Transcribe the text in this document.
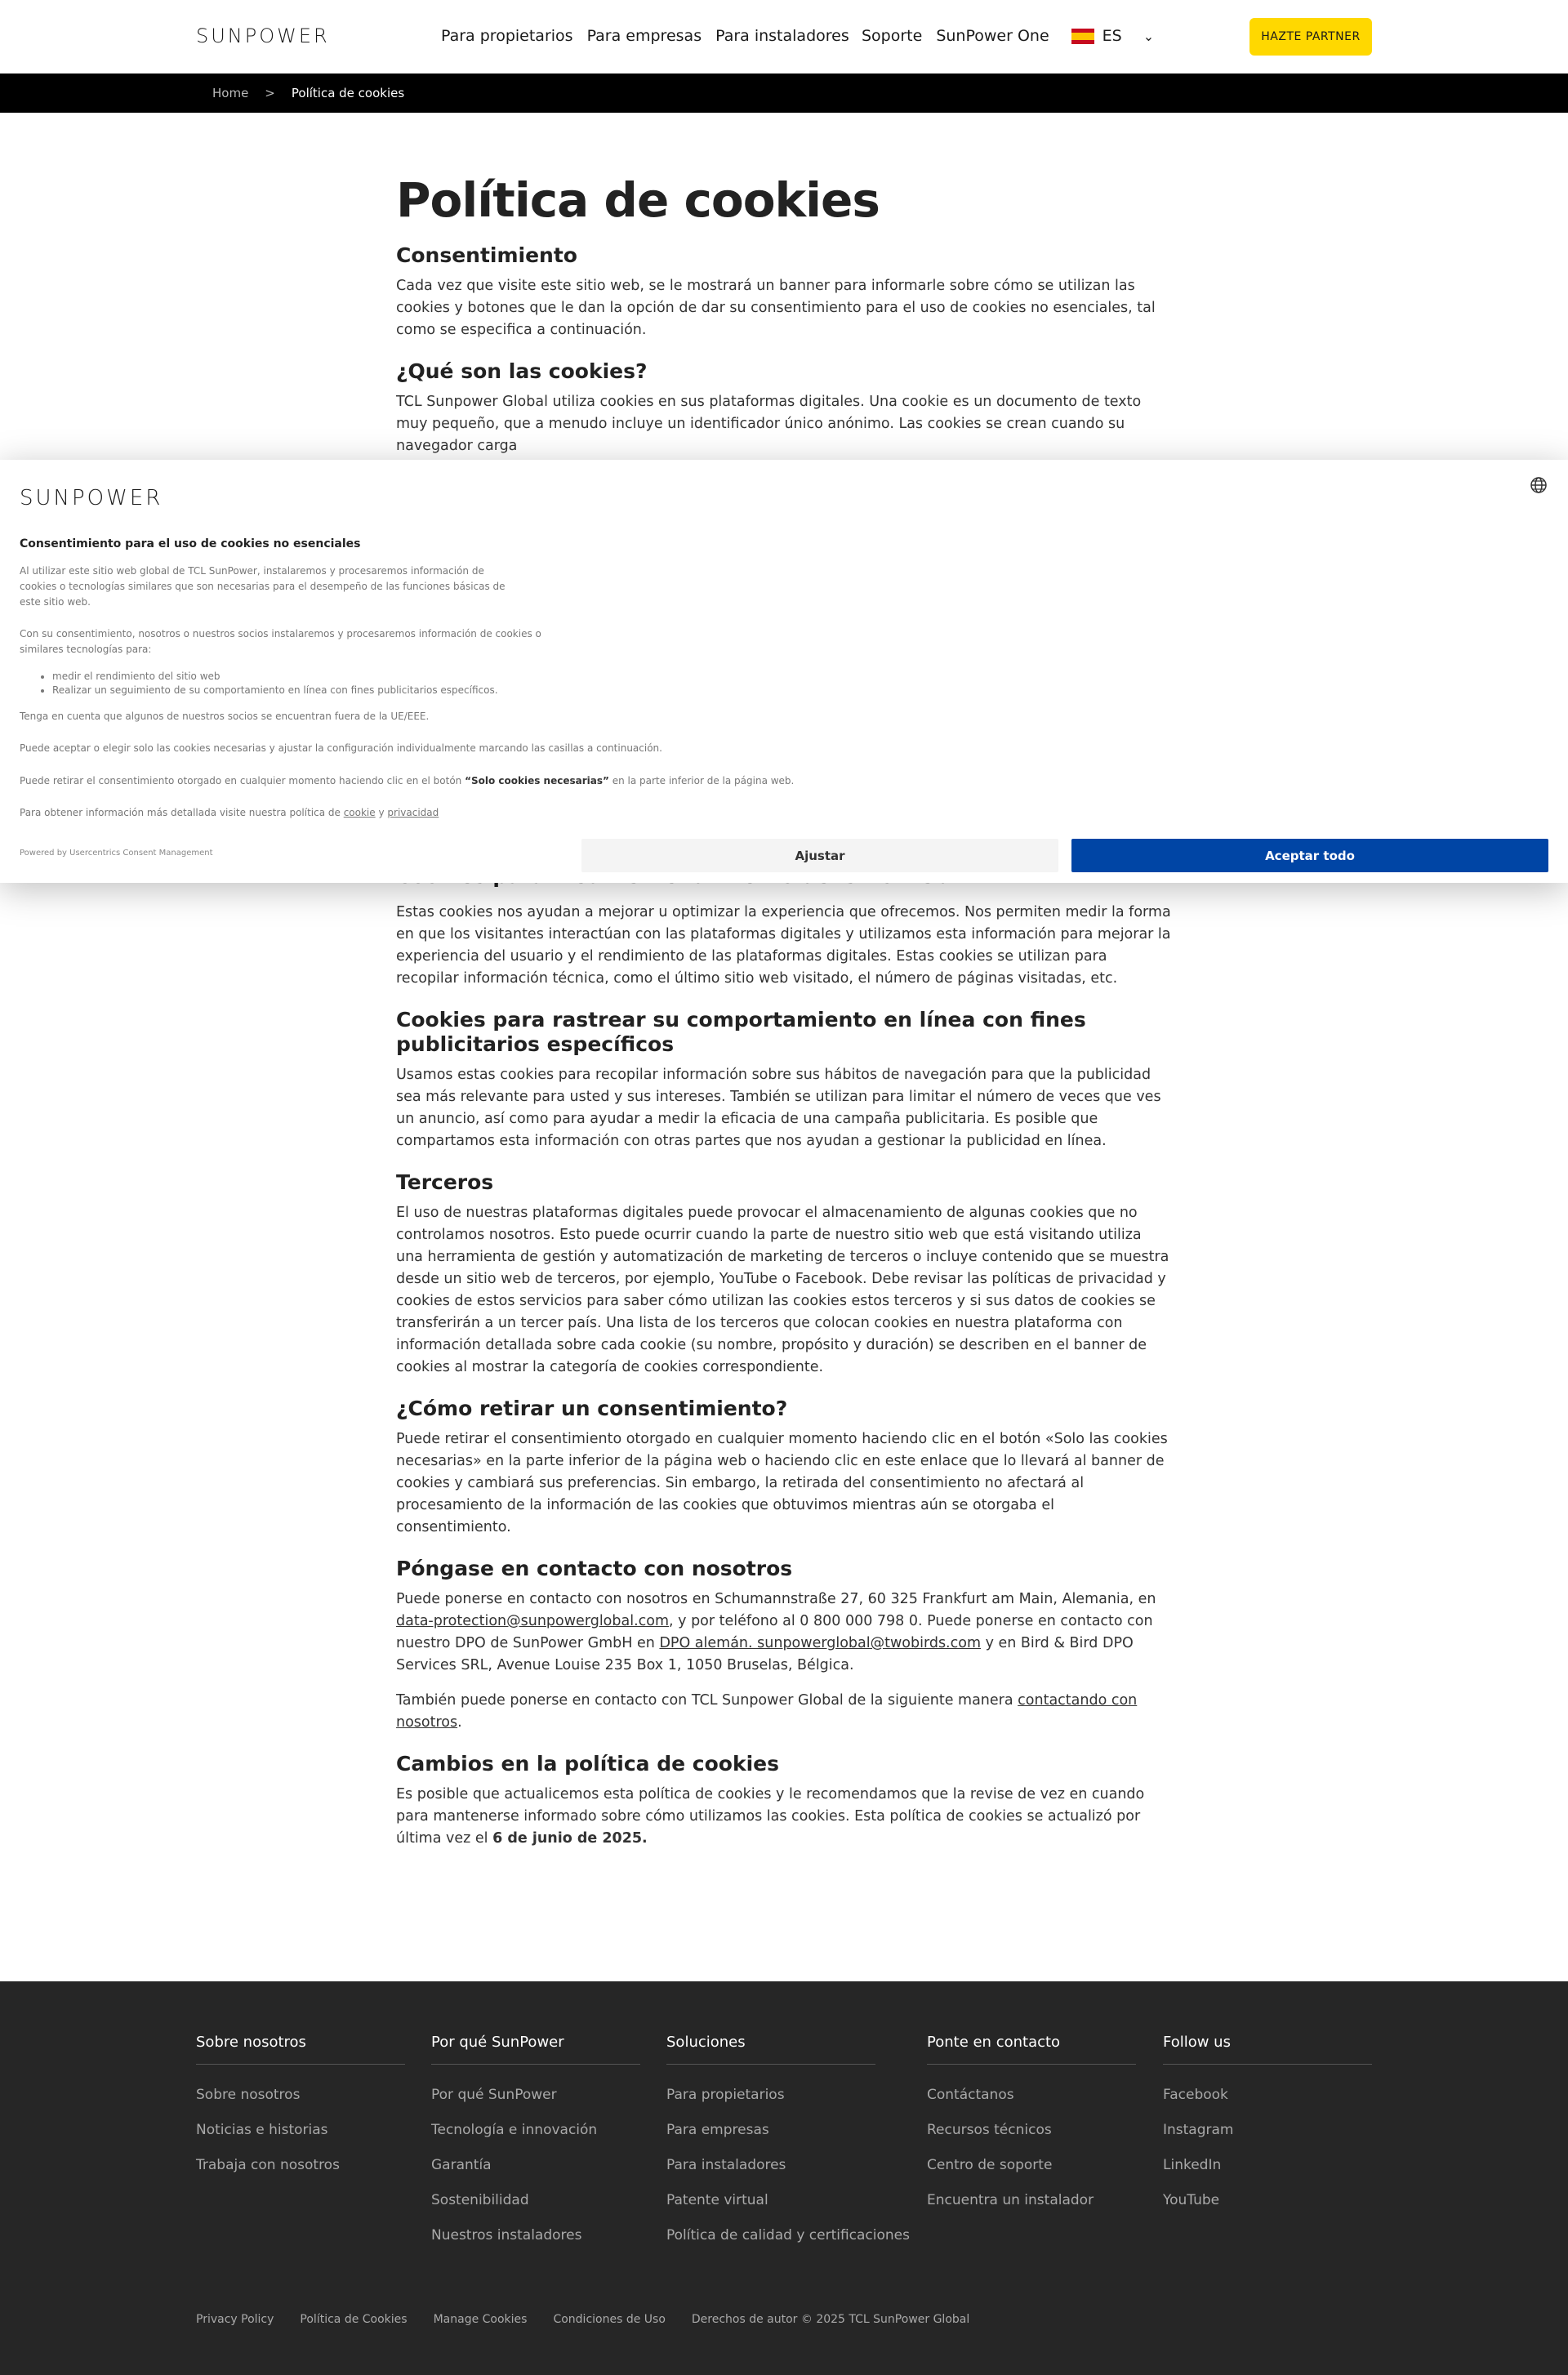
SUNPOWER	Para propietarios Para empresas Para instaladores Soporte SunPower One	ES ⌄	HAZTE PARTNER
Home > Política de cookies
Política de cookies
Consentimiento

Cada vez que visite este sitio web, se le mostrará un banner para informarle sobre cómo se utilizan las cookies y botones que le dan la opción de dar su consentimiento para el uso de cookies no esenciales, tal como se especifica a continuación.

¿Qué son las cookies?

TCL Sunpower Global utiliza cookies en sus plataformas digitales. Una cookie es un documento de texto muy pequeño, que a menudo incluye un identificador único anónimo. Las cookies se crean cuando su navegador carga

Estas cookies nos ayudan a mejorar u optimizar la experiencia que ofrecemos. Nos permiten medir la forma en que los visitantes interactúan con las plataformas digitales y utilizamos esta información para mejorar la experiencia del usuario y el rendimiento de las plataformas digitales. Estas cookies se utilizan para recopilar información técnica, como el último sitio web visitado, el número de páginas visitadas, etc.

Cookies para rastrear su comportamiento en línea con fines publicitarios específicos

Usamos estas cookies para recopilar información sobre sus hábitos de navegación para que la publicidad sea más relevante para usted y sus intereses. También se utilizan para limitar el número de veces que ves un anuncio, así como para ayudar a medir la eficacia de una campaña publicitaria. Es posible que compartamos esta información con otras partes que nos ayudan a gestionar la publicidad en línea.

Terceros

El uso de nuestras plataformas digitales puede provocar el almacenamiento de algunas cookies que no controlamos nosotros. Esto puede ocurrir cuando la parte de nuestro sitio web que está visitando utiliza una herramienta de gestión y automatización de marketing de terceros o incluye contenido que se muestra desde un sitio web de terceros, por ejemplo, YouTube o Facebook. Debe revisar las políticas de privacidad y cookies de estos servicios para saber cómo utilizan las cookies estos terceros y si sus datos de cookies se transferirán a un tercer país. Una lista de los terceros que colocan cookies en nuestra plataforma con información detallada sobre cada cookie (su nombre, propósito y duración) se describen en el banner de cookies al mostrar la categoría de cookies correspondiente.

¿Cómo retirar un consentimiento?

Puede retirar el consentimiento otorgado en cualquier momento haciendo clic en el botón «Solo las cookies necesarias» en la parte inferior de la página web o haciendo clic en este enlace que lo llevará al banner de cookies y cambiará sus preferencias. Sin embargo, la retirada del consentimiento no afectará al procesamiento de la información de las cookies que obtuvimos mientras aún se otorgaba el consentimiento.

Póngase en contacto con nosotros

Puede ponerse en contacto con nosotros en Schumannstraße 27, 60 325 Frankfurt am Main, Alemania, en data-protection@sunpowerglobal.com, y por teléfono al 0 800 000 798 0. Puede ponerse en contacto con nuestro DPO de SunPower GmbH en DPO alemán. sunpowerglobal@twobirds.com y en Bird & Bird DPO Services SRL, Avenue Louise 235 Box 1, 1050 Bruselas, Bélgica.

También puede ponerse en contacto con TCL Sunpower Global de la siguiente manera contactando con nosotros.

Cambios en la política de cookies

Es posible que actualicemos esta política de cookies y le recomendamos que la revise de vez en cuando para mantenerse informado sobre cómo utilizamos las cookies. Esta política de cookies se actualizó por última vez el 6 de junio de 2025.

SUNPOWER
Consentimiento para el uso de cookies no esenciales

Al utilizar este sitio web global de TCL SunPower, instalaremos y procesaremos información de cookies o tecnologías similares que son necesarias para el desempeño de las funciones básicas de este sitio web.

Con su consentimiento, nosotros o nuestros socios instalaremos y procesaremos información de cookies o similares tecnologías para:

• medir el rendimiento del sitio web
• Realizar un seguimiento de su comportamiento en línea con fines publicitarios específicos.

Tenga en cuenta que algunos de nuestros socios se encuentran fuera de la UE/EEE.

Puede aceptar o elegir solo las cookies necesarias y ajustar la configuración individualmente marcando las casillas a continuación.

Puede retirar el consentimiento otorgado en cualquier momento haciendo clic en el botón “Solo cookies necesarias” en la parte inferior de la página web.

Para obtener información más detallada visite nuestra política de cookie y privacidad

Powered by Usercentrics Consent Management	Ajustar	Aceptar todo
Sobre nosotros
Sobre nosotros
Noticias e historias
Trabaja con nosotros
Por qué SunPower
Por qué SunPower
Tecnología e innovación
Garantía
Sostenibilidad
Nuestros instaladores
Soluciones
Para propietarios
Para empresas
Para instaladores
Patente virtual
Política de calidad y certificaciones
Ponte en contacto
Contáctanos
Recursos técnicos
Centro de soporte
Encuentra un instalador
Follow us
Facebook
Instagram
LinkedIn
YouTube
Privacy Policy Política de Cookies Manage Cookies Condiciones de Uso Derechos de autor © 2025 TCL SunPower Global
